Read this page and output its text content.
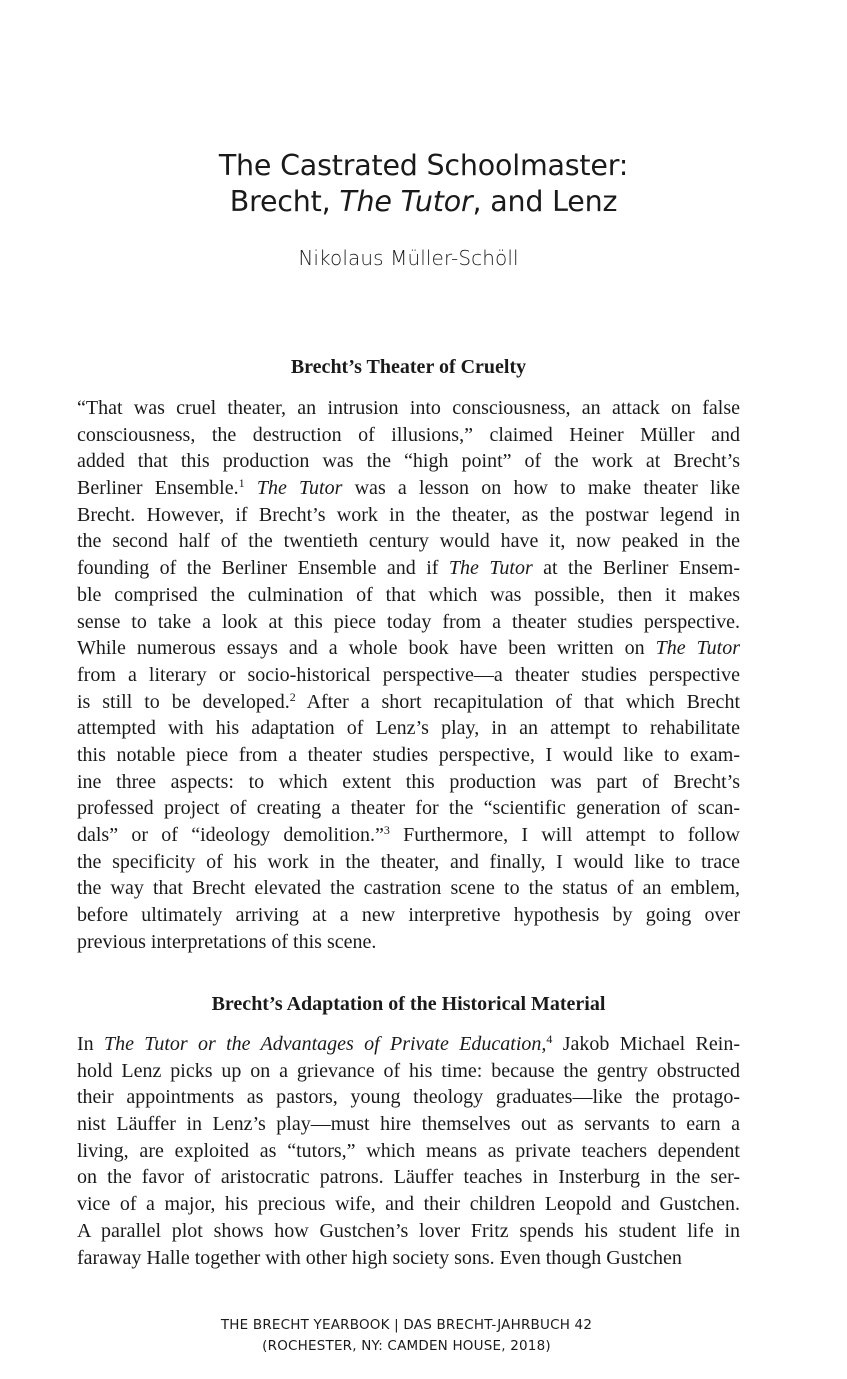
The Castrated Schoolmaster:
Brecht, The Tutor, and Lenz
Nikolaus Müller-Schöll
Brecht’s Theater of Cruelty
“That was cruel theater, an intrusion into consciousness, an attack on false
consciousness, the destruction of illusions,” claimed Heiner Müller and
added that this production was the “high point” of the work at Brecht’s
Berliner Ensemble.$^1$ The Tutor was a lesson on how to make theater like
Brecht. However, if Brecht’s work in the theater, as the postwar legend in
the second half of the twentieth century would have it, now peaked in the
founding of the Berliner Ensemble and if The Tutor at the Berliner Ensem-
ble comprised the culmination of that which was possible, then it makes
sense to take a look at this piece today from a theater studies perspective.
While numerous essays and a whole book have been written on The Tutor
from a literary or socio-historical perspective—a theater studies perspective
is still to be developed.$^2$ After a short recapitulation of that which Brecht
attempted with his adaptation of Lenz’s play, in an attempt to rehabilitate
this notable piece from a theater studies perspective, I would like to exam-
ine three aspects: to which extent this production was part of Brecht’s
professed project of creating a theater for the “scientific generation of scan-
dals” or of “ideology demolition.”$^3$ Furthermore, I will attempt to follow
the specificity of his work in the theater, and finally, I would like to trace
the way that Brecht elevated the castration scene to the status of an emblem,
before ultimately arriving at a new interpretive hypothesis by going over
previous interpretations of this scene.
Brecht’s Adaptation of the Historical Material
In The Tutor or the Advantages of Private Education,$^4$ Jakob Michael Rein-
hold Lenz picks up on a grievance of his time: because the gentry obstructed
their appointments as pastors, young theology graduates—like the protago-
nist Läuffer in Lenz’s play—must hire themselves out as servants to earn a
living, are exploited as “tutors,” which means as private teachers dependent
on the favor of aristocratic patrons. Läuffer teaches in Insterburg in the ser-
vice of a major, his precious wife, and their children Leopold and Gustchen.
A parallel plot shows how Gustchen’s lover Fritz spends his student life in
faraway Halle together with other high society sons. Even though Gustchen
THE BRECHT YEARBOOK | DAS BRECHT-JAHRBUCH 42
(ROCHESTER, NY: CAMDEN HOUSE, 2018)
